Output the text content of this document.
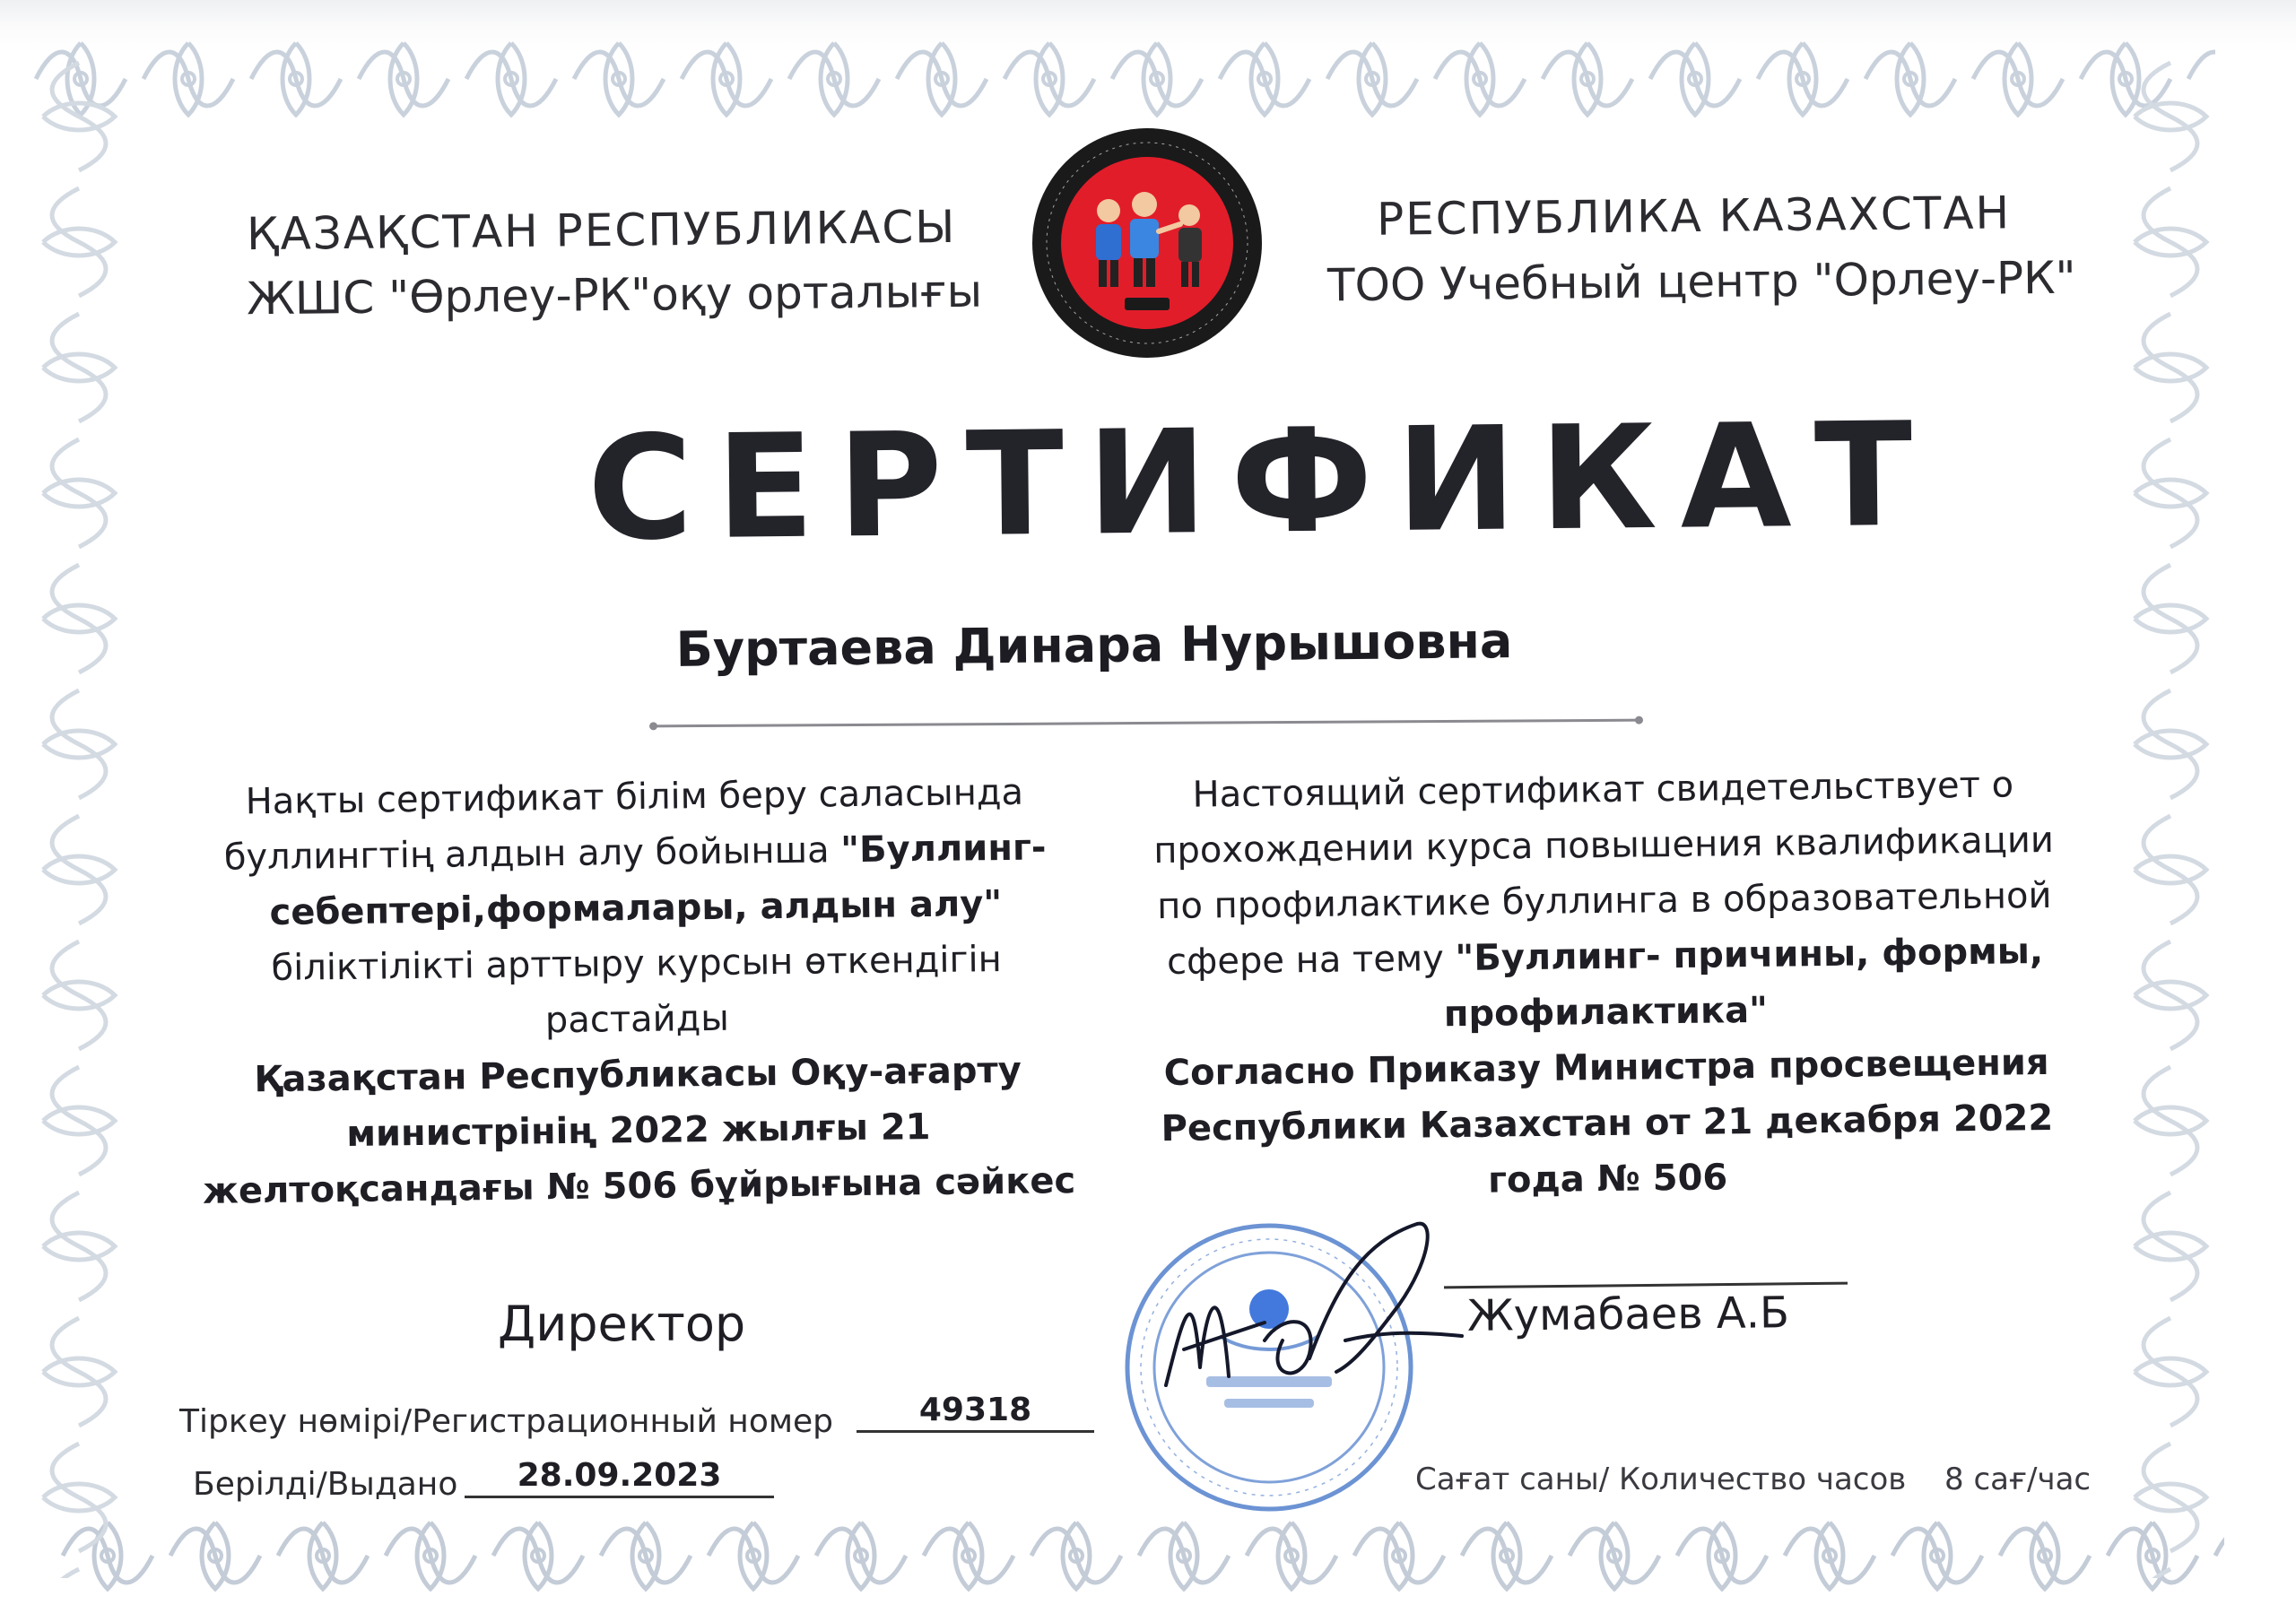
ҚАЗАҚСТАН РЕСПУБЛИКАСЫ
ЖШС "Өрлеу-РК"оқу орталығы
РЕСПУБЛИКА КАЗАХСТАН
ТОО Учебный центр "Орлеу-РК"
СЕРТИФИКАТ
Буртаева Динара Нурышовна
Нақты сертификат білім беру саласында
буллингтің алдын алу бойынша "Буллинг-
себептері,формалары, алдын алу"
біліктілікті арттыру курсын өткендігін
растайды
Қазақстан Республикасы Оқу-ағарту
министрінің 2022 жылғы 21
желтоқсандағы № 506 бұйрығына сәйкес
Настоящий сертификат свидетельствует о
прохождении курса повышения квалификации
по профилактике буллинга в образовательной
сфере на тему "Буллинг- причины, формы,
профилактика"
Согласно Приказу Министра просвещения
Республики Казахстан от 21 декабря 2022
года № 506
Директор	Жумабаев А.Б
Тіркеу нөмірі/Регистрационный номер	49318
Берілді/Выдано	28.09.2023	Сағат саны/ Количество часов 8 сағ/час
